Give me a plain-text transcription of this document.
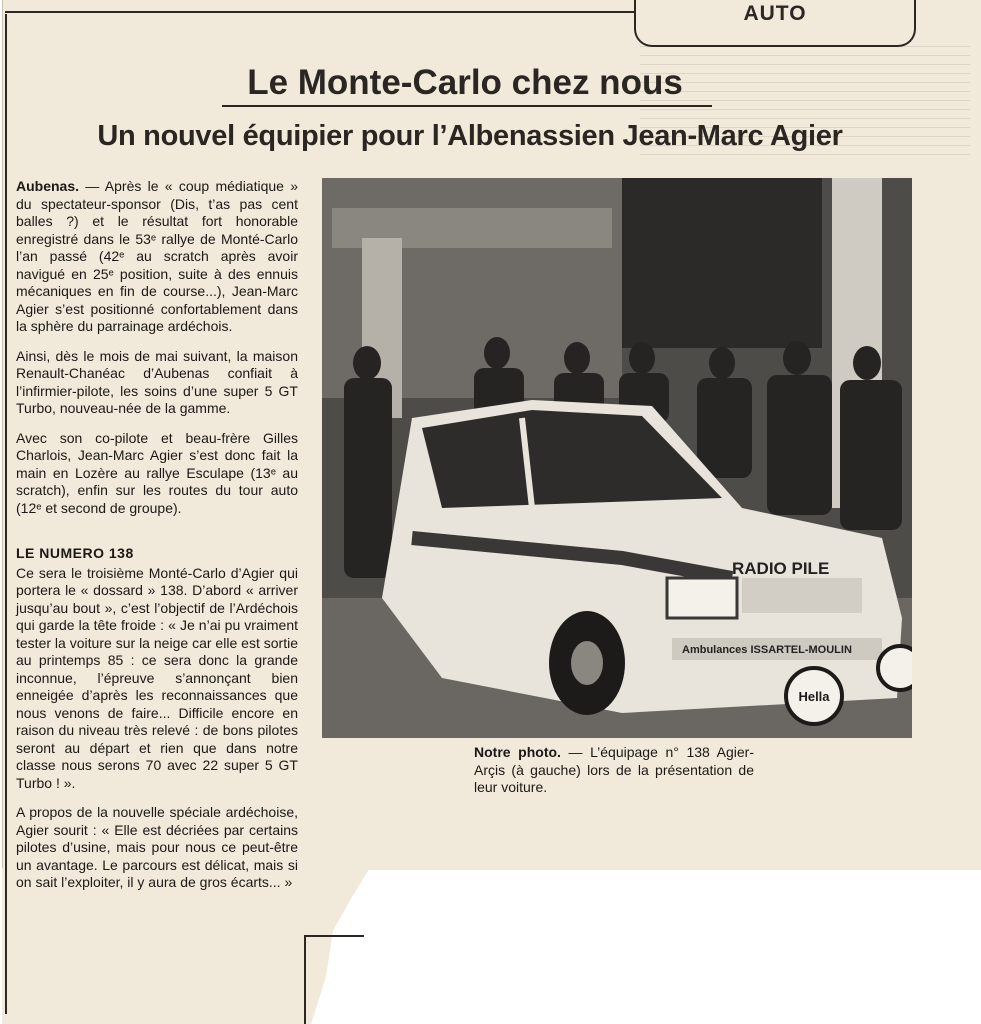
AUTO
Le Monte-Carlo chez nous
Un nouvel équipier pour l’Albenassien Jean-Marc Agier

Aubenas. — Après le « coup médiatique » du spectateur-sponsor (Dis, t’as pas cent balles ?) et le résultat fort honorable enregistré dans le 53ᵉ rallye de Monté-Carlo l’an passé (42ᵉ au scratch après avoir navigué en 25ᵉ position, suite à des ennuis mécaniques en fin de course...), Jean-Marc Agier s’est positionné confortablement dans la sphère du parrainage ardéchois.

Ainsi, dès le mois de mai suivant, la maison Renault-Chanéac d’Aubenas confiait à l’infirmier-pilote, les soins d’une super 5 GT Turbo, nouveau-née de la gamme.

Avec son co-pilote et beau-frère Gilles Charlois, Jean-Marc Agier s’est donc fait la main en Lozère au rallye Esculape (13ᵉ au scratch), enfin sur les routes du tour auto (12ᵉ et second de groupe).

LE NUMERO 138

Ce sera le troisième Monté-Carlo d’Agier qui portera le « dossard » 138. D’abord « arriver jusqu’au bout », c’est l’objectif de l’Ardéchois qui garde la tête froide : « Je n’ai pu vraiment tester la voiture sur la neige car elle est sortie au printemps 85 : ce sera donc la grande inconnue, l’épreuve s’annonçant bien enneigée d’après les reconnaissances que nous venons de faire... Difficile encore en raison du niveau très relevé : de bons pilotes seront au départ et rien que dans notre classe nous serons 70 avec 22 super 5 GT Turbo ! ».

A propos de la nouvelle spéciale ardéchoise, Agier sourit : « Elle est décriées par certains pilotes d’usine, mais pour nous ce peut-être un avantage. Le parcours est délicat, mais si on sait l’exploiter, il y aura de gros écarts... »

RADIO PILE
Ambulances ISSARTEL-MOULIN
Hella
Notre photo. — L’équipage n° 138 Agier-Arçis (à gauche) lors de la présentation de leur voiture.
